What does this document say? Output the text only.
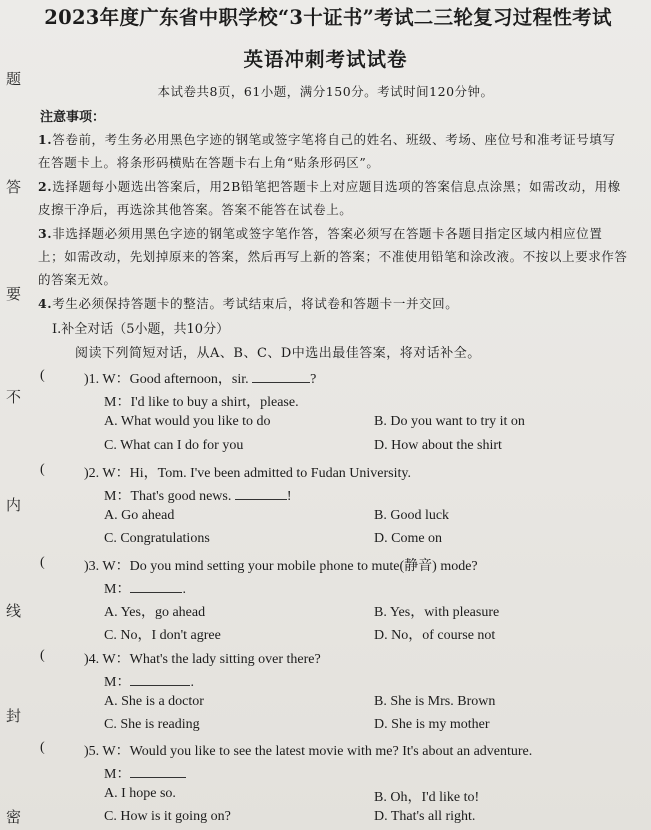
题
答
要
不
内
线
封
密
2023年度广东省中职学校“3十证书”考试二三轮复习过程性考试
英语冲刺考试试卷
本试卷共8页，61小题，满分150分。考试时间120分钟。
注意事项：
1.答卷前，考生务必用黑色字迹的钢笔或签字笔将自己的姓名、班级、考场、座位号和准考证号填写在答题卡上。将条形码横贴在答题卡右上角“贴条形码区”。
2.选择题每小题选出答案后，用2B铅笔把答题卡上对应题目选项的答案信息点涂黑；如需改动，用橡皮擦干净后，再选涂其他答案。答案不能答在试卷上。
3.非选择题必须用黑色字迹的钢笔或签字笔作答，答案必须写在答题卡各题目指定区域内相应位置上；如需改动，先划掉原来的答案，然后再写上新的答案；不准使用铅笔和涂改液。不按以上要求作答的答案无效。
4.考生必须保持答题卡的整洁。考试结束后，将试卷和答题卡一并交回。
Ⅰ.补全对话（5小题，共10分）
阅读下列简短对话，从A、B、C、D中选出最佳答案，将对话补全。
(	)1. W：Good afternoon，sir.	?
M：I'd like to buy a shirt，please.
A. What would you like to do	B. Do you want to try it on
C. What can I do for you	D. How about the shirt
(	)2. W：Hi，Tom. I've been admitted to Fudan University.
M：That's good news.	!
A. Go ahead	B. Good luck
C. Congratulations	D. Come on
(	)3. W：Do you mind setting your mobile phone to mute(静音) mode?
M：	.
A. Yes，go ahead	B. Yes，with pleasure
C. No，I don't agree	D. No，of course not
(	)4. W：What's the lady sitting over there?
M：	.
A. She is a doctor	B. She is Mrs. Brown
C. She is reading	D. She is my mother
(	)5. W：Would you like to see the latest movie with me? It's about an adventure.
M：
A. I hope so.	B. Oh，I'd like to!
C. How is it going on?	D. That's all right.
